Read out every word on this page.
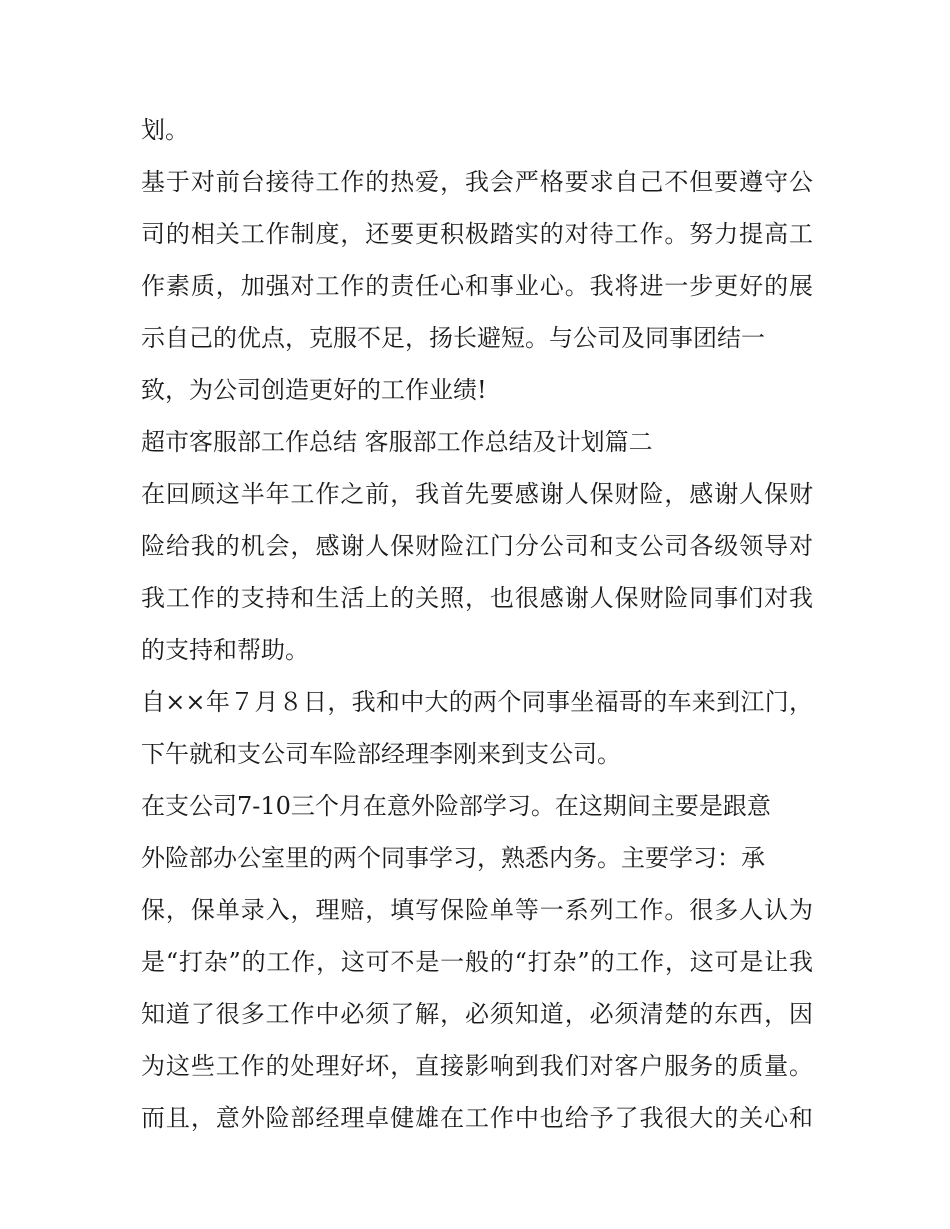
划。
基于对前台接待工作的热爱，我会严格要求自己不但要遵守公
司的相关工作制度，还要更积极踏实的对待工作。努力提高工
作素质，加强对工作的责任心和事业心。我将进一步更好的展
示自己的优点，克服不足，扬长避短。与公司及同事团结一
致，为公司创造更好的工作业绩!
超市客服部工作总结 客服部工作总结及计划篇二
在回顾这半年工作之前，我首先要感谢人保财险，感谢人保财
险给我的机会，感谢人保财险江门分公司和支公司各级领导对
我工作的支持和生活上的关照，也很感谢人保财险同事们对我
的支持和帮助。
自××年７月８日，我和中大的两个同事坐福哥的车来到江门，
下午就和支公司车险部经理李刚来到支公司。
在支公司7-10三个月在意外险部学习。在这期间主要是跟意
外险部办公室里的两个同事学习，熟悉内务。主要学习：承
保，保单录入，理赔，填写保险单等一系列工作。很多人认为
是“打杂”的工作，这可不是一般的“打杂”的工作，这可是让我
知道了很多工作中必须了解，必须知道，必须清楚的东西，因
为这些工作的处理好坏，直接影响到我们对客户服务的质量。
而且，意外险部经理卓健雄在工作中也给予了我很大的关心和
